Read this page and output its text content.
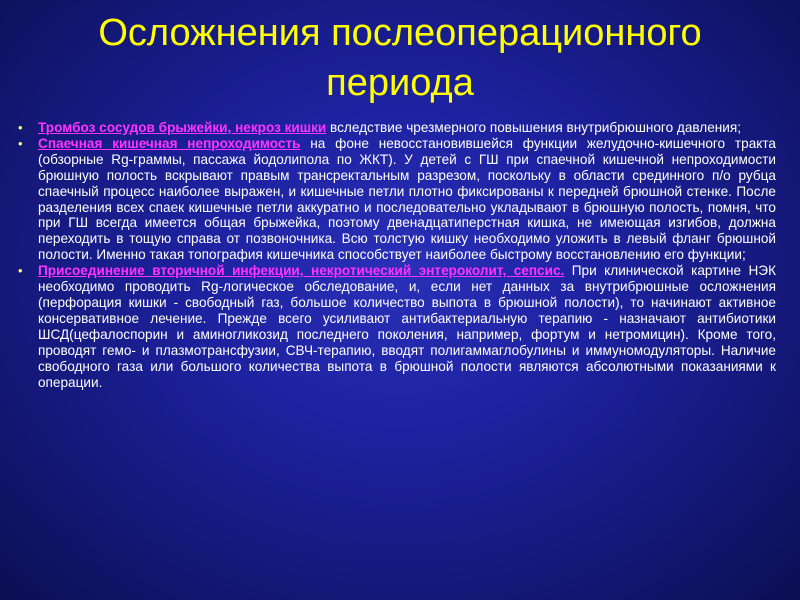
Осложнения послеоперационного периода
• Тромбоз сосудов брыжейки, некроз кишки вследствие чрезмерного повышения внутрибрюшного давления;
• Спаечная кишечная непроходимость на фоне невосстановившейся функции желудочно-кишечного тракта (обзорные Rg-граммы, пассажа йодолипола по ЖКТ). У детей с ГШ при спаечной кишечной непроходимости брюшную полость вскрывают правым трансректальным разрезом, поскольку в области срединного п/о рубца спаечный процесс наиболее выражен, и кишечные петли плотно фиксированы к передней брюшной стенке. После разделения всех спаек кишечные петли аккуратно и последовательно укладывают в брюшную полость, помня, что при ГШ всегда имеется общая брыжейка, поэтому двенадцатиперстная кишка, не имеющая изгибов, должна переходить в тощую справа от позвоночника. Всю толстую кишку необходимо уложить в левый фланг брюшной полости. Именно такая топография кишечника способствует наиболее быстрому восстановлению его функции;
• Присоединение вторичной инфекции, некротический энтероколит, сепсис. При клинической картине НЭК необходимо проводить Rg-логическое обследование, и, если нет данных за внутрибрюшные осложнения (перфорация кишки - свободный газ, большое количество выпота в брюшной полости), то начинают активное консервативное лечение. Прежде всего усиливают антибактериальную терапию - назначают антибиотики ШСД(цефалоспорин и аминогликозид последнего поколения, например, фортум и нетромицин). Кроме того, проводят гемо- и плазмотрансфузии, СВЧ-терапию, вводят полигаммаглобулины и иммуномодуляторы. Наличие свободного газа или большого количества выпота в брюшной полости являются абсолютными показаниями к операции.
